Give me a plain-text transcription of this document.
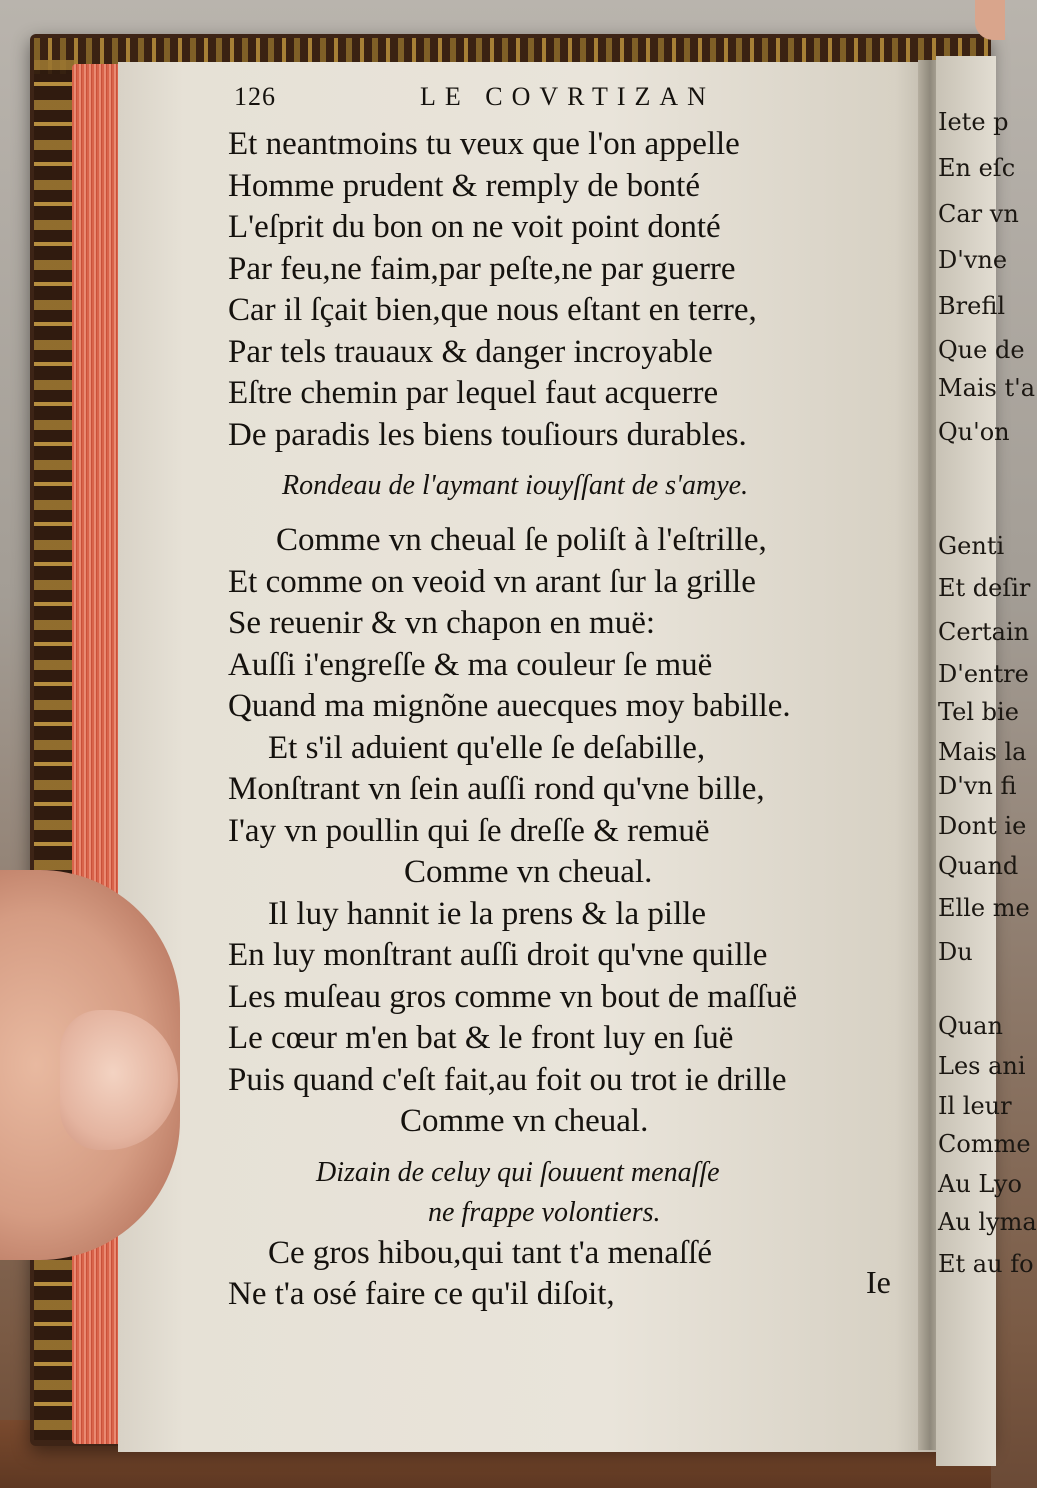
Iete p
En eſc
Car vn
D'vne
Brefil
Que de
Mais t'a
Qu'on
Genti
Et deſir
Certain
D'entre
Tel bie
Mais la
D'vn fi
Dont ie
Quand
Elle me
Du
Quan
Les ani
Il leur
Comme
Au Lyo
Au lyma
Et au fo
126	LE COVRTIZAN
Et neantmoins tu veux que l'on appelle
Homme prudent & remply de bonté
L'eſprit du bon on ne voit point donté
Par feu,ne faim,par peſte,ne par guerre
Car il ſçait bien,que nous eſtant en terre,
Par tels trauaux & danger incroyable
Eſtre chemin par lequel faut acquerre
De paradis les biens touſiours durables.
Rondeau de l'aymant iouyſſant de s'amye.
Comme vn cheual ſe poliſt à l'eſtrille,
Et comme on veoid vn arant ſur la grille
Se reuenir & vn chapon en muë:
Auſſi i'engreſſe & ma couleur ſe muë
Quand ma mignõne auecques moy babille.
Et s'il aduient qu'elle ſe deſabille,
Monſtrant vn ſein auſſi rond qu'vne bille,
I'ay vn poullin qui ſe dreſſe & remuë
Comme vn cheual.
Il luy hannit ie la prens & la pille
En luy monſtrant auſſi droit qu'vne quille
Les muſeau gros comme vn bout de maſſuë
Le cœur m'en bat & le front luy en ſuë
Puis quand c'eſt fait,au foit ou trot ie drille
Comme vn cheual.
Dizain de celuy qui ſouuent menaſſe
ne frappe volontiers.
Ce gros hibou,qui tant t'a menaſſé
Ne t'a osé faire ce qu'il diſoit,	Ie
